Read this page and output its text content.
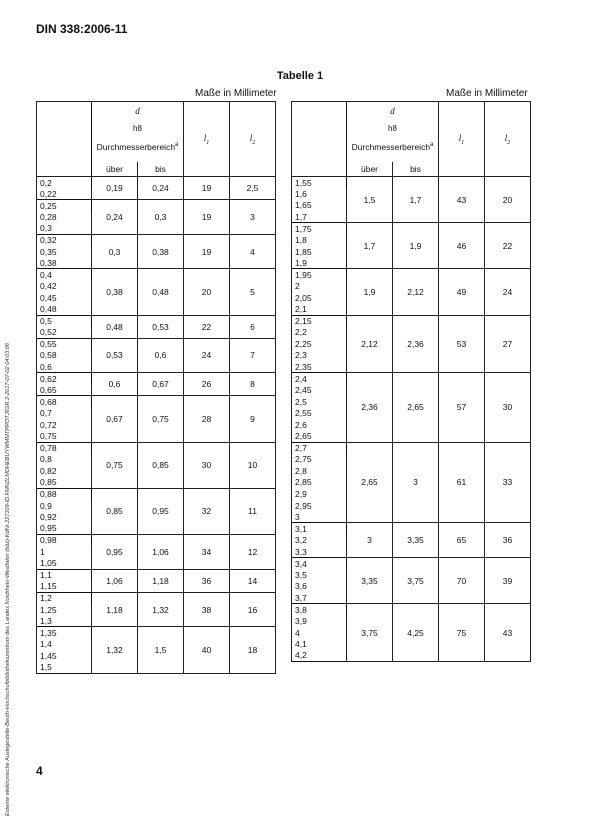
DIN 338:2006-11
Tabelle 1
Maße in Millimeter	Maße in Millimeter

	d
h8
Durchmesserbereich$^a$		$l_1$	$l_2$
	über	bis		
0,2	0,19	0,24	19	2,5
0,22				
0,25	0,24	0,3	19	3
0,28				
0,3				
0,32	0,3	0,38	19	4
0,35				
0,38				
0,4	0,38	0,48	20	5
0,42				
0,45				
0,48				
0,5	0,48	0,53	22	6
0,52				
0,55	0,53	0,6	24	7
0,58				
0,6				
0,62	0,6	0,67	26	8
0,65				
0,68	0,67	0,75	28	9
0,7				
0,72				
0,75				
0,78	0,75	0,85	30	10
0,8				
0,82				
0,85				
0,88	0,85	0,95	32	11
0,9				
0,92				
0,95				
0,98	0,95	1,06	34	12
1				
1,05				
1,1	1,06	1,18	36	14
1,15				
1,2	1,18	1,32	38	16
1,25				
1,3				
1,35	1,32	1,5	40	18
1,4				
1,45				
1,5				

	d
h8
Durchmesserbereich$^a$		$l_1$	$l_2$
	über	bis		
1,55	1,5	1,7	43	20
1,6				
1,65				
1,7				
1,75	1,7	1,9	46	22
1,8				
1,85				
1,9				
1,95	1,9	2,12	49	24
2				
2,05				
2,1				
2,15	2,12	2,36	53	27
2,2				
2,25				
2,3				
2,35				
2,4	2,36	2,65	57	30
2,45				
2,5				
2,55				
2,6				
2,65				
2,7	2,65	3	61	33
2,75				
2,8				
2,85				
2,9				
2,95				
3				
3,1	3	3,35	65	36
3,2				
3,3				
3,4	3,35	3,75	70	39
3,5				
3,6				
3,7				
3,8	3,75	4,25	75	43
3,9				
4				
4,1				
4,2				
Externe elektronische Auslegestelle-Beuth-Hochschulbibliothekszentrum des Landes Nordrhein-Westfalen (hbz)-KdNr.227109-ID.FMNZLMDHEBUYWMMTPROTJ6SR.2-2017-07-02 04:03:06 4
